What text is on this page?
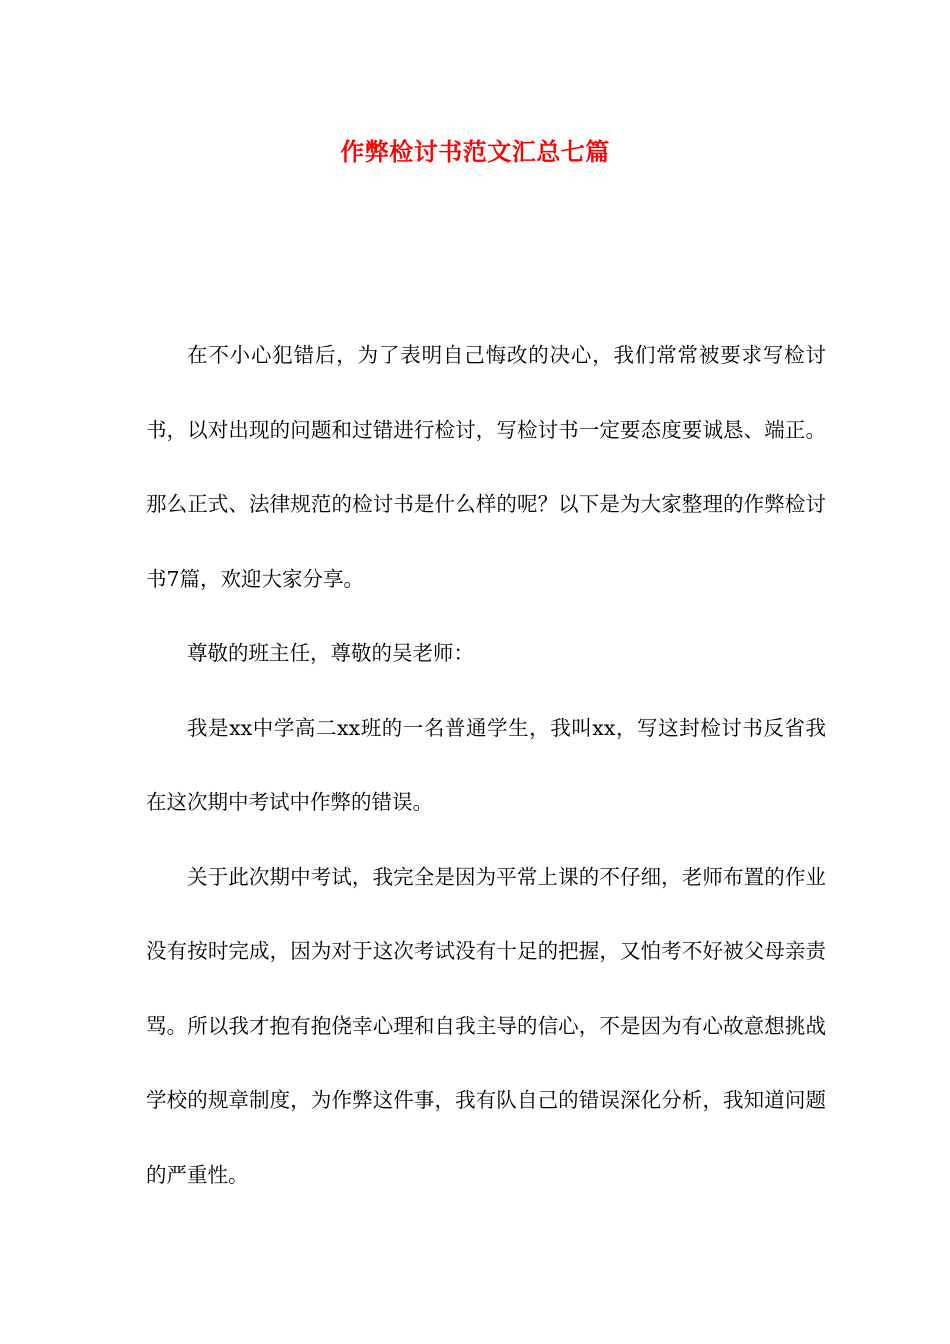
作弊检讨书范文汇总七篇

在不小心犯错后，为了表明自己悔改的决心，我们常常被要求写检讨书，以对出现的问题和过错进行检讨，写检讨书一定要态度要诚恳、端正。那么正式、法律规范的检讨书是什么样的呢？以下是为大家整理的作弊检讨书7篇，欢迎大家分享。

尊敬的班主任，尊敬的吴老师：

我是xx中学高二xx班的一名普通学生，我叫xx，写这封检讨书反省我在这次期中考试中作弊的错误。

关于此次期中考试，我完全是因为平常上课的不仔细，老师布置的作业没有按时完成，因为对于这次考试没有十足的把握，又怕考不好被父母亲责骂。所以我才抱有抱侥幸心理和自我主导的信心，不是因为有心故意想挑战学校的规章制度，为作弊这件事，我有队自己的错误深化分析，我知道问题的严重性。
